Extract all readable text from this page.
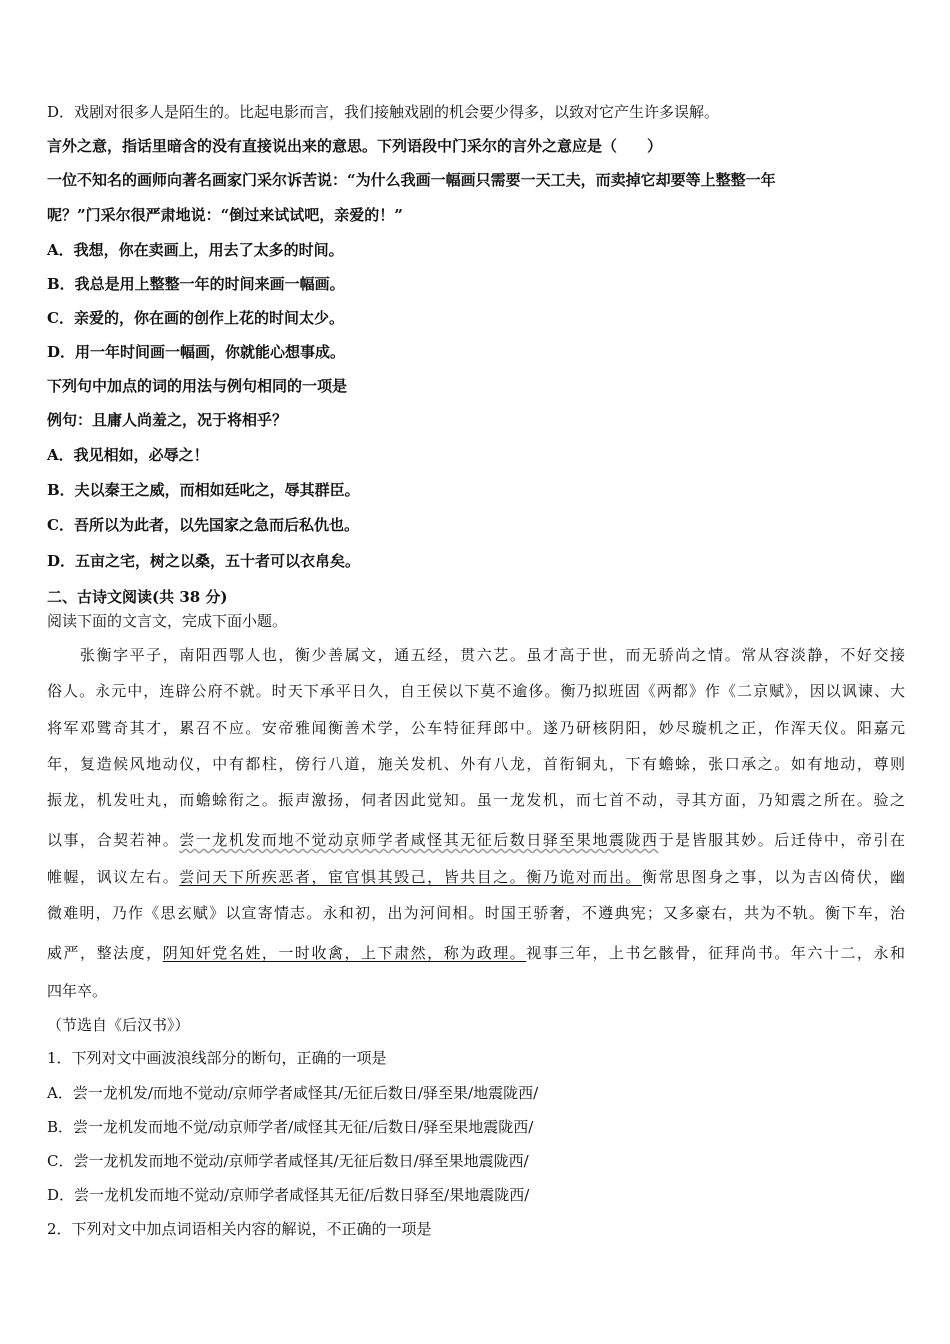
D．戏剧对很多人是陌生的。比起电影而言，我们接触戏剧的机会要少得多，以致对它产生许多误解。
言外之意，指话里暗含的没有直接说出来的意思。下列语段中门采尔的言外之意应是（　　）
一位不知名的画师向著名画家门采尔诉苦说：“为什么我画一幅画只需要一天工夫，而卖掉它却要等上整整一年
呢？”门采尔很严肃地说：“倒过来试试吧，亲爱的！”
A．我想，你在卖画上，用去了太多的时间。
B．我总是用上整整一年的时间来画一幅画。
C．亲爱的，你在画的创作上花的时间太少。
D．用一年时间画一幅画，你就能心想事成。
下列句中加点的词的用法与例句相同的一项是
例句：且庸人尚羞之，况于将相乎？
A．我见相如，必辱之！
B．夫以秦王之威，而相如廷叱之，辱其群臣。
C．吾所以为此者，以先国家之急而后私仇也。
D．五亩之宅，树之以桑，五十者可以衣帛矣。
二、古诗文阅读(共 38 分)
阅读下面的文言文，完成下面小题。
　　张衡字平子，南阳西鄂人也，衡少善属文，通五经，贯六艺。虽才高于世，而无骄尚之情。常从容淡静，不好交接
俗人。永元中，连辟公府不就。时天下承平日久，自王侯以下莫不逾侈。衡乃拟班固《两都》作《二京赋》，因以讽谏、大
将军邓骘奇其才，累召不应。安帝雅闻衡善术学，公车特征拜郎中。遂乃研核阴阳，妙尽璇机之正，作浑天仪。阳嘉元
年，复造候风地动仪，中有都柱，傍行八道，施关发机、外有八龙，首衔铜丸，下有蟾蜍，张口承之。如有地动，尊则
振龙，机发吐丸，而蟾蜍衔之。振声激扬，伺者因此觉知。虽一龙发机，而七首不动，寻其方面，乃知震之所在。验之
以事，合契若神。尝一龙机发而地不觉动京师学者咸怪其无征后数日驿至果地震陇西于是皆服其妙。后迁侍中，帝引在
帷幄，讽议左右。尝问天下所疾恶者，宦官惧其毁己，皆共目之。衡乃诡对而出。衡常思图身之事，以为吉凶倚伏，幽
微难明，乃作《思玄赋》以宣寄情志。永和初，出为河间相。时国王骄奢，不遵典宪；又多豪右，共为不轨。衡下车，治
威严，整法度，阴知奸党名姓，一时收禽，上下肃然，称为政理。视事三年，上书乞骸骨，征拜尚书。年六十二，永和
四年卒。
（节选自《后汉书》）
1．下列对文中画波浪线部分的断句，正确的一项是
A．尝一龙机发/而地不觉动/京师学者咸怪其/无征后数日/驿至果/地震陇西/
B．尝一龙机发而地不觉/动京师学者/咸怪其无征/后数日/驿至果地震陇西/
C．尝一龙机发而地不觉动/京师学者咸怪其/无征后数日/驿至果地震陇西/
D．尝一龙机发而地不觉动/京师学者咸怪其无征/后数日驿至/果地震陇西/
2．下列对文中加点词语相关内容的解说，不正确的一项是
